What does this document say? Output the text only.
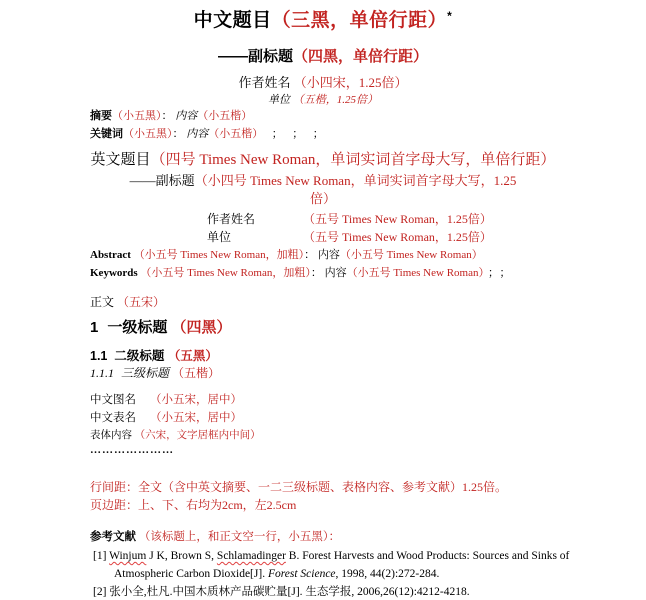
中文题目（三黑，单倍行距）*
——副标题（四黑，单倍行距）
作者姓名 （小四宋，1.25倍）
单位 （五楷，1.25倍）
摘要（小五黑）： 内容（小五楷）
关键词（小五黑）： 内容（小五楷） ；　；　；
英文题目（四号 Times New Roman，单词实词首字母大写，单倍行距）
——副标题（小四号 Times New Roman，单词实词首字母大写，1.25
倍）
作者姓名	（五号 Times New Roman，1.25倍）
单位	（五号 Times New Roman，1.25倍）
Abstract （小五号 Times New Roman，加粗）： 内容（小五号 Times New Roman）
Keywords （小五号 Times New Roman，加粗）： 内容（小五号 Times New Roman） ；；
正文 （五宋）
1 一级标题 （四黑）
1.1 二级标题 （五黑）
1.1.1 三级标题 （五楷）
中文图名 （小五宋，居中）
中文表名 （小五宋，居中）
表体内容 （六宋，文字居框内中间）
…………………
行间距：全文（含中英文摘要、一二三级标题、表格内容、参考文献）1.25倍。
页边距：上、下、右均为2cm，左2.5cm
参考文献 （该标题上，和正文空一行，小五黑）：
[1] Winjum J K, Brown S, Schlamadinger B. Forest Harvests and Wood Products: Sources and Sinks of Atmospheric Carbon Dioxide[J]. Forest Science, 1998, 44(2):272-284.
[2] 张小全,杜凡.中国木质林产品碳贮量[J]. 生态学报, 2006,26(12):4212-4218.
